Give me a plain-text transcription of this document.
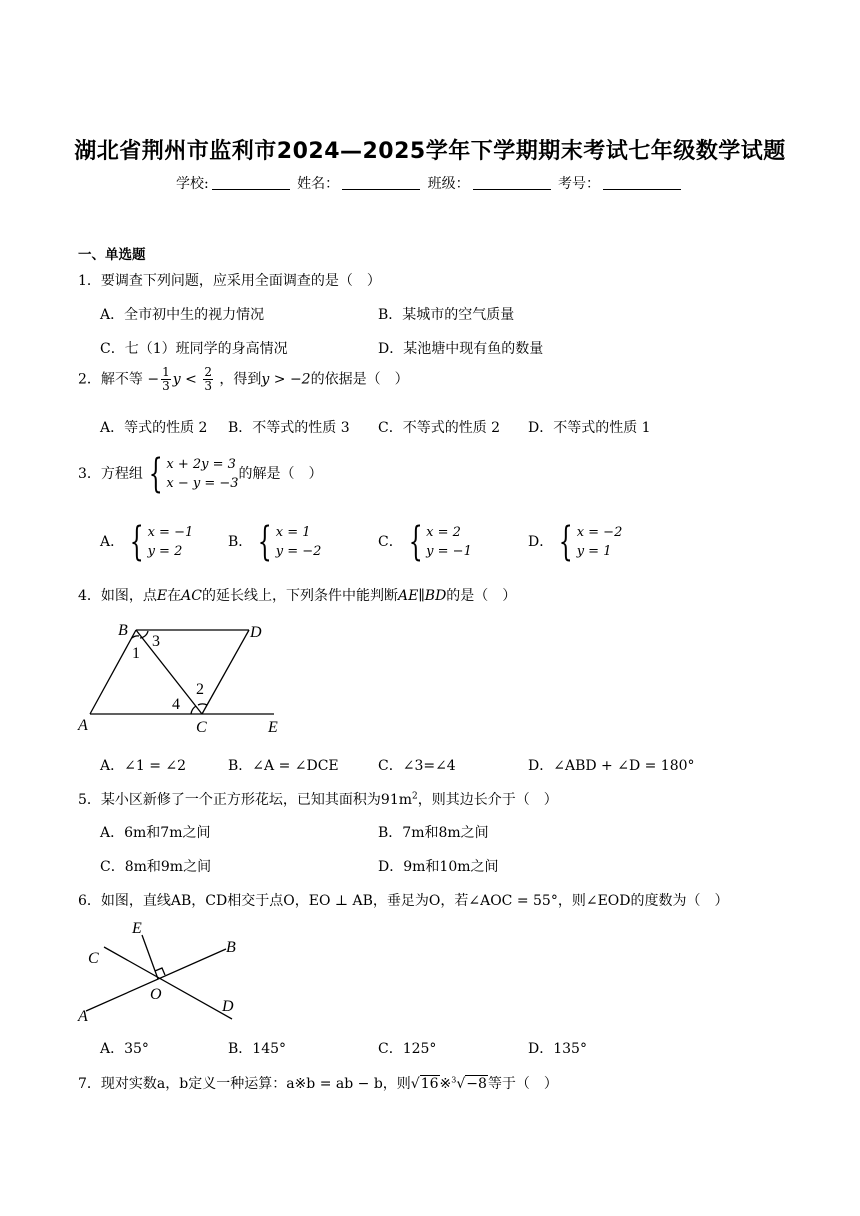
湖北省荆州市监利市2024—2025学年下学期期末考试七年级数学试题
学校:	姓名：	班级：	考号：
一、单选题
1．要调查下列问题，应采用全面调查的是（　）
A．全市初中生的视力情况	B．某城市的空气质量
C．七（1）班同学的身高情况	D．某池塘中现有鱼的数量
2．解不等 − $\frac{1}{3}$ $y < \frac{2}{3}$ ，得到y > −2的依据是（　）
A．等式的性质 2 B．不等式的性质 3 C．不等式的性质 2 D．不等式的性质 1
3．方程组 { x + 2y = 3
x − y = −3
的解是（　）
A． { x = −1
y = 2
B． { x = 1
y = −2
C． { x = 2
y = −1
D． { x = −2
y = 1
4．如图，点E在AC的延长线上，下列条件中能判断AE∥BD的是（　）
B	D
A	C	E
1
3
2
4
A．∠1 = ∠2	B．∠A = ∠DCE	C．∠3=∠4	D．∠ABD + ∠D = 180°
5．某小区新修了一个正方形花坛，已知其面积为$91m^2$，则其边长介于（　）
A．6m和7m之间	B．7m和8m之间
C．8m和9m之间	D．9m和10m之间
6．如图，直线AB，CD相交于点O，EO ⊥ AB，垂足为O，若∠AOC = 55°，则∠EOD的度数为（　）
E
C
B
O
A
D
A．35°	B．145°	C．125°	D．135°
7．现对实数a，b定义一种运算：a※b = ab − b，则√16※$^3$√−8等于（　）
